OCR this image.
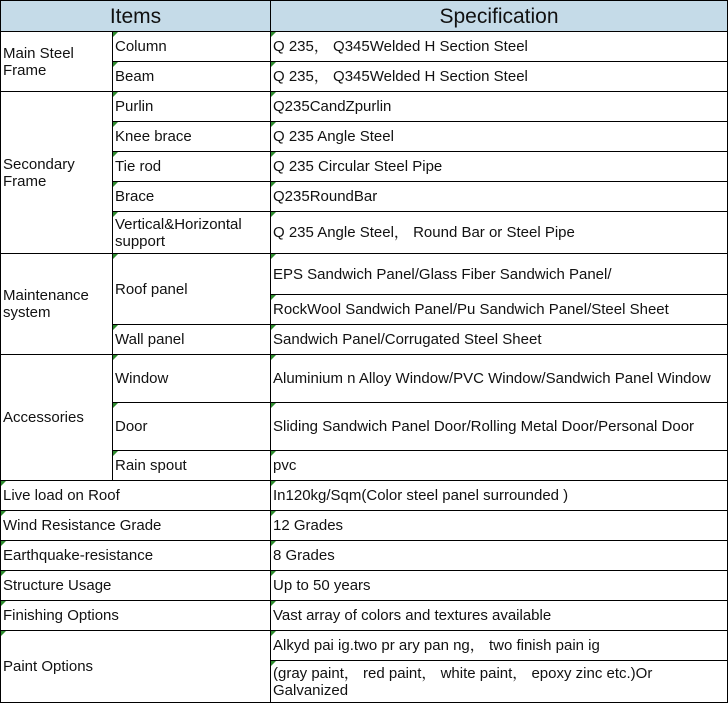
Items		Specification
Main Steel Frame	Column	Q 235， Q345Welded H Section Steel
	Beam	Q 235， Q345Welded H Section Steel
Secondary Frame	Purlin	Q235CandZpurlin
	Knee brace	Q 235 Angle Steel
	Tie rod	Q 235 Circular Steel Pipe
	Brace	Q235RoundBar
	Vertical&Horizontal support	Q 235 Angle Steel， Round Bar or Steel Pipe
Maintenance system	Roof panel	EPS Sandwich Panel/Glass Fiber Sandwich Panel/
		RockWool Sandwich Panel/Pu Sandwich Panel/Steel Sheet
	Wall panel	Sandwich Panel/Corrugated Steel Sheet
Accessories	Window	Aluminium n Alloy Window/PVC Window/Sandwich Panel Window
	Door	Sliding Sandwich Panel Door/Rolling Metal Door/Personal Door
	Rain spout	pvc
Live load on Roof		In120kg/Sqm(Color steel panel surrounded )
Wind Resistance Grade		12 Grades
Earthquake-resistance		8 Grades
Structure Usage		Up to 50 years
Finishing Options		Vast array of colors and textures available
Paint Options		Alkyd pai ig.two pr ary pan ng， two finish pain ig
		(gray paint， red paint， white paint， epoxy zinc etc.)Or Galvanized
